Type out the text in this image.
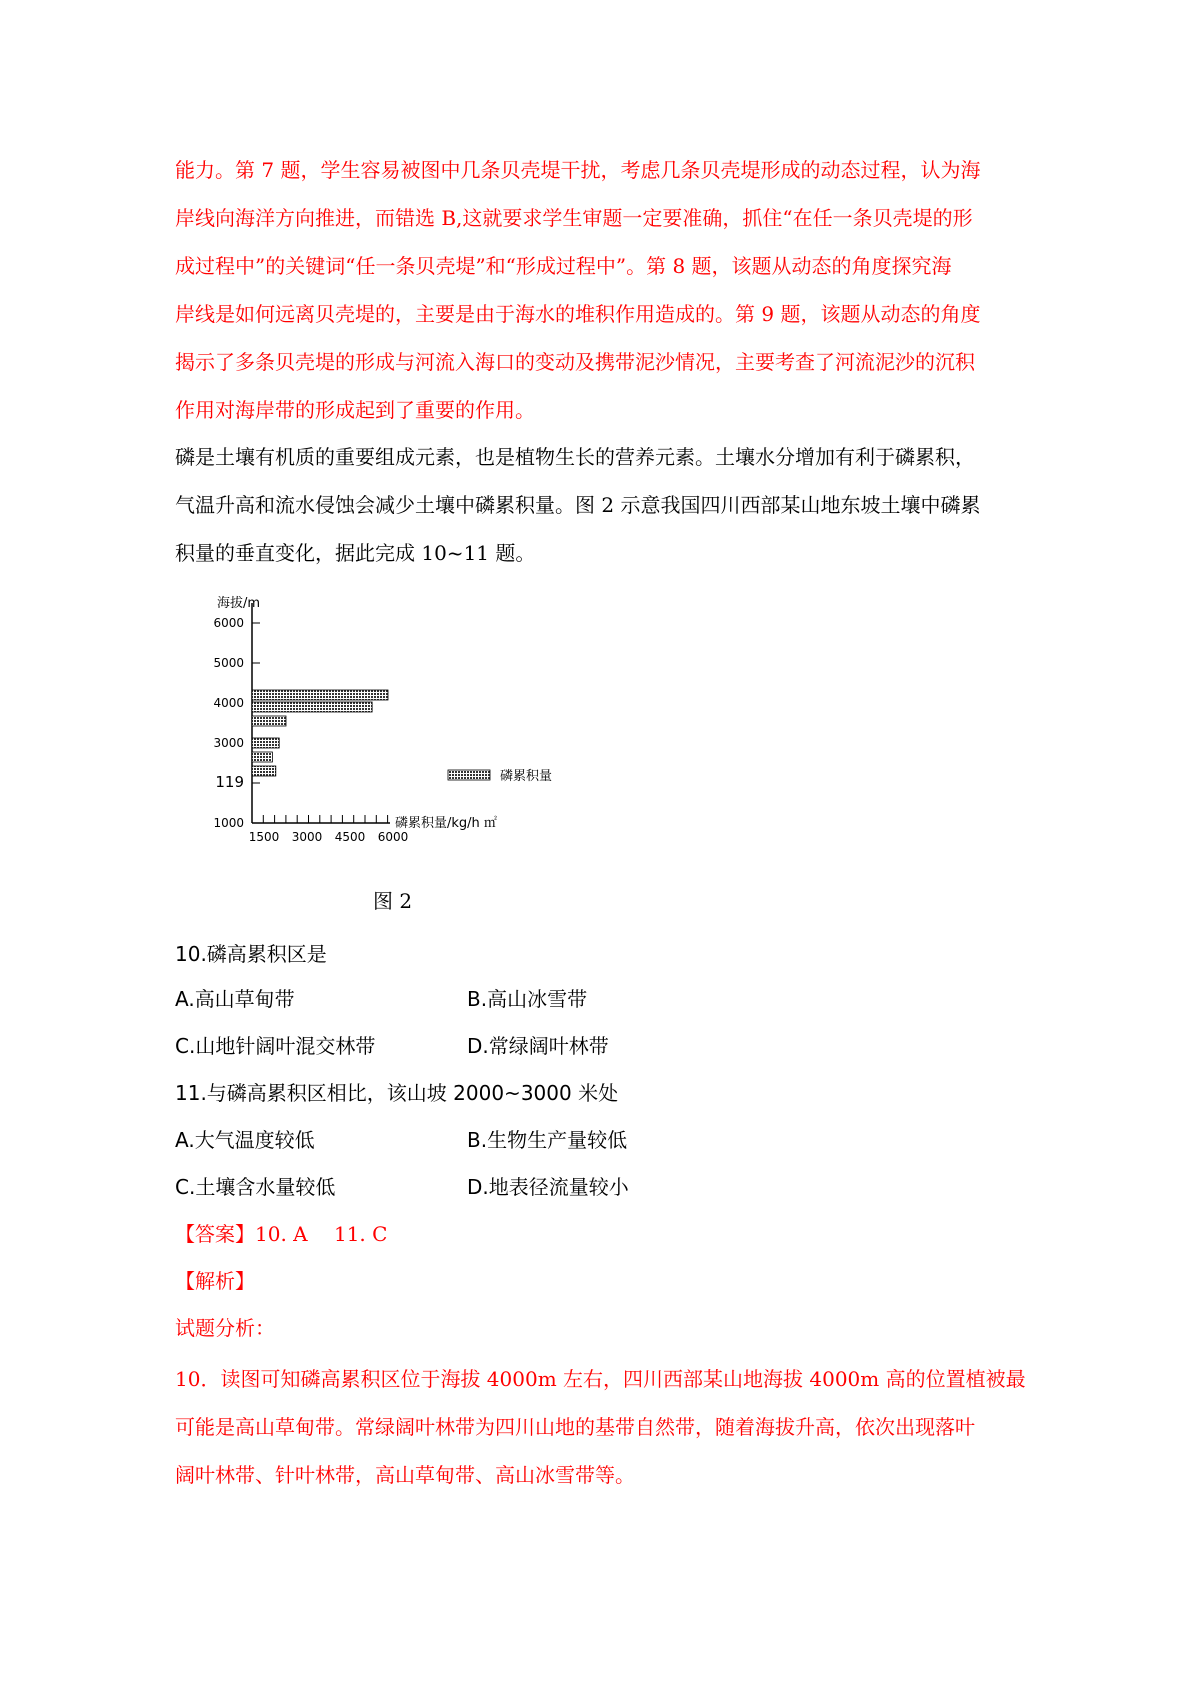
能力。第 7 题，学生容易被图中几条贝壳堤干扰，考虑几条贝壳堤形成的动态过程，认为海
岸线向海洋方向推进，而错选 B,这就要求学生审题一定要准确，抓住“在任一条贝壳堤的形
成过程中”的关键词“任一条贝壳堤”和“形成过程中”。第 8 题，该题从动态的角度探究海
岸线是如何远离贝壳堤的，主要是由于海水的堆积作用造成的。第 9 题，该题从动态的角度
揭示了多条贝壳堤的形成与河流入海口的变动及携带泥沙情况，主要考查了河流泥沙的沉积
作用对海岸带的形成起到了重要的作用。
磷是土壤有机质的重要组成元素，也是植物生长的营养元素。土壤水分增加有利于磷累积，
气温升高和流水侵蚀会减少土壤中磷累积量。图 2 示意我国四川西部某山地东坡土壤中磷累
积量的垂直变化，据此完成 10~11 题。
海拔/m
磷累积量/kg/h ㎡
6000
5000
4000
3000
119
1000
1500 3000 4500 6000
磷累积量
图 2
10.磷高累积区是
A.高山草甸带	B.高山冰雪带
C.山地针阔叶混交林带	D.常绿阔叶林带
11.与磷高累积区相比，该山坡 2000~3000 米处
A.大气温度较低	B.生物生产量较低
C.土壤含水量较低	D.地表径流量较小
【答案】10. A　 11. C
【解析】
试题分析：
10．读图可知磷高累积区位于海拔 4000m 左右，四川西部某山地海拔 4000m 高的位置植被最
可能是高山草甸带。常绿阔叶林带为四川山地的基带自然带，随着海拔升高，依次出现落叶
阔叶林带、针叶林带，高山草甸带、高山冰雪带等。
